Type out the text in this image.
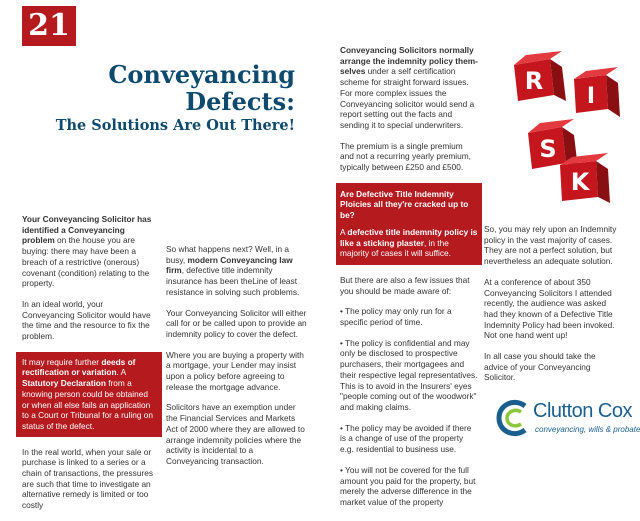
21
Conveyancing
Defects:
The Solutions Are Out There!

Your Conveyancing Solicitor has identified a Conveyancing problem on the house you are buying: there may have been a breach of a restrictive (onerous) covenant (condition) relating to the property.

In an ideal world, your Conveyancing Solicitor would have the time and the resource to fix the problem.

It may require further deeds of rectification or variation. A Statutory Declaration from a knowing person could be obtained or when all else fails an application to a Court or Tribunal for a ruling on status of the defect.

In the real world, when your sale or purchase is linked to a series or a chain of transactions, the pressures are such that time to investigate an alternative remedy is limited or too costly

So what happens next? Well, in a busy, modern Conveyancing law firm, defective title indemnity insurance has been theLine of least resistance in solving such problems.

Your Conveyancing Solicitor will either call for or be called upon to provide an indemnity policy to cover the defect.

Where you are buying a property with a mortgage, your Lender may insist upon a policy before agreeing to release the mortgage advance.

Solicitors have an exemption under the Financial Services and Markets Act of 2000 where they are allowed to arrange indemnity policies where the activity is incidental to a Conveyancing transaction.

Conveyancing Solicitors normally arrange the indemnity policy themselves under a self certification scheme for straight forward issues. For more complex issues the Conveyancing solicitor would send a report setting out the facts and sending it to special underwriters.

The premium is a single premium and not a recurring yearly premium, typically between £250 and £500.

Are Defective Title Indemnity Ploicies all they're cracked up to be?

A defective title indemnity policy is like a sticking plaster, in the majority of cases it will suffice.

But there are also a few issues that you should be made aware of:

• The policy may only run for a specific period of time.

• The policy is confidential and may only be disclosed to prospective purchasers, their mortgagees and their respective legal representatives. This is to avoid in the Insurers' eyes "people coming out of the woodwork" and making claims.

• The policy may be avoided if there is a change of use of the property e.g. residential to business use.

• You will not be covered for the full amount you paid for the property, but merely the adverse difference in the market value of the property

R
I
S
K

So, you may rely upon an Indemnity policy in the vast majority of cases. They are not a perfect solution, but nevertheless an adequate solution.

At a conference of about 350 Conveyancing Solicitors I attended recently, the audience was asked had they known of a Defective Title Indemnity Policy had been invoked. Not one hand went up!

In all case you should take the advice of your Conveyancing Solicitor.

Clutton Cox
conveyancing, wills & probate
